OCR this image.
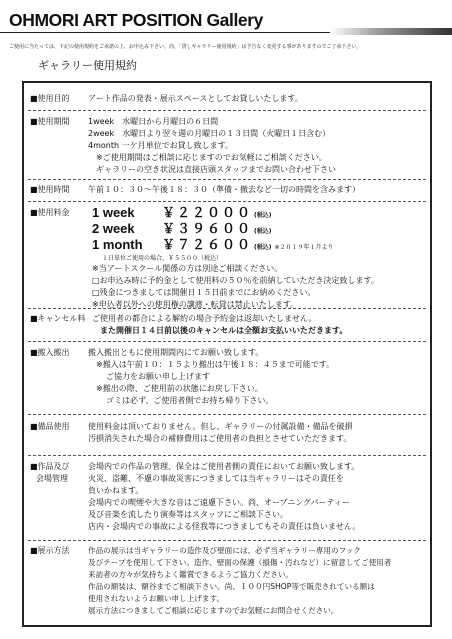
OHMORI ART POSITION Gallery
ご使用に当たっては、下記の使用規約をご承諾の上、お申込み下さい。尚、「貸しギャラリー使用規約」は予告なく変更する事がありますのでご了承下さい。
ギャラリー使用規約
■使用目的 アート作品の発表・展示スペースとしてお貸しいたします。
■使用期間 1week　水曜日から月曜日の６日間
2week　水曜日より翌々週の月曜日の１３日間（火曜日１日含む）
4month 一ケ月単位でお貸し致します。
※ご使用期間はご相談に応じますのでお気軽にご相談ください。
ギャラリーの空き状況は直接店頭スタッフまでお問い合わせ下さい
■使用時間 午前１０：３０～午後１８：３０（準備・撤去など一切の時間を含みます）
■使用料金 1 week	￥２２０００ (税込)
2 week	￥３９６００ (税込)
1 month	￥７２６００ (税込) ※２０１９年１月より
１日単位ご使用の場合、￥５５００（税込）
※当アートスクール関係の方は別途ご相談ください。
□お申込み時に予約金として使用料の５０％を前納していただき決定致します。
□残金につきましては開催日１５日前までにお納めください。
※申込者以外への使用権の譲渡・転貸は禁止いたします。
■キャンセル料 ご使用者の都合による解約の場合予約金は返却いたしません。
また開催日１４日前以後のキャンセルは全額お支払いいただきます。
■搬入搬出 搬入搬出ともに使用期間内にてお願い致します。
※搬入は午前１０：１５より搬出は午後１８：４５まで可能です。
ご協力をお願い申し上げます
※搬出の際、ご使用前の状態にお戻し下さい。
ゴミは必ず、ご使用者側でお持ち帰り下さい。
■備品使用 使用料金は頂いておりません。但し、ギャラリーの付属設備・備品を破損
汚損消失された場合の補修費用はご使用者の負担とさせていただきます。
■作品及び
会場管理
会場内での作品の管理、保全はご使用者側の責任においてお願い致します。
火災、盗難、不慮の事故災害につきましては当ギャラリーはその責任を
負いかねます。
会場内での喫煙や大きな音はご遠慮下さい。尚、オープニングパーティー
及び音楽を流したり演奏等はスタッフにご相談下さい。
店内・会場内での事故による怪我等につきましてもその責任は負いません。
■展示方法 作品の展示は当ギャラリーの造作及び壁面には、必ず当ギャラリー専用のフック
及びテープを使用して下さい。造作、壁面の保護（損傷・汚れなど）に留意してご使用者
来訪者の方々が気持ちよく鑑賞できるようご協力ください。
作品の額装は、額谷までご相談下さい。尚、１００円SHOP等で販売されている額は
使用されないようお願い申し上げます。
展示方法につきましてご相談に応じますのでお気軽にお問合せください。
